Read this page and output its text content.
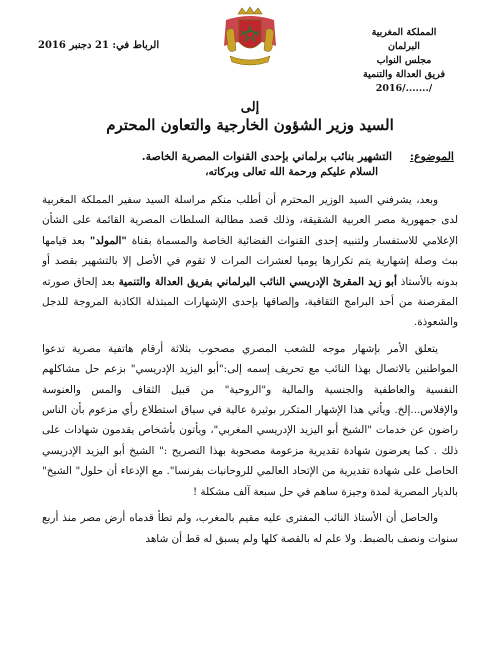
المملكة المغربية
البرلمان
مجلس النواب
فريق العدالة والتنمية
2016/......./
الرباط في: 21 دجنبر 2016
إلى
السيد وزير الشؤون الخارجية والتعاون المحترم
الموضوع: التشهير بنائب برلماني بإحدى القنوات المصرية الخاصة.
السلام عليكم ورحمة الله تعالى وبركاته،

وبعد، يشرفني السيد الوزير المحترم أن أطلب منكم مراسلة السيد سفير المملكة المغربية لدى جمهورية مصر العربية الشقيقة، وذلك قصد مطالبة السلطات المصرية القائمة على الشأن الإعلامي للاستفسار ولتنبيه إحدى القنوات الفضائية الخاصة والمسماة بقناة "المولد" بعد قيامها ببث وصلة إشهارية يتم تكرارها يوميا لعشرات المرات لا تقوم في الأصل إلا بالتشهير بقصد أو بدونه بالأستاذ أبو زيد المقرئ الإدريسي النائب البرلماني بفريق العدالة والتنمية بعد إلحاق صورته المقرصنة من أحد البرامج الثقافية، وإلصاقها بإحدى الإشهارات المبتذلة الكاذبة المروجة للدجل والشعوذة.

يتعلق الأمر بإشهار موجه للشعب المصري مصحوب بثلاثة أرقام هاتفية مصرية تدعوا المواطنين بالاتصال بهذا النائب مع تحريف إسمه إلى:"أبو اليزيد الإدريسي" بزعم حل مشاكلهم النفسية والعاطفية والجنسية والمالية و"الروحية" من قبيل الثقاف والمس والعنوسة والإفلاس...إلخ. ويأتي هذا الإشهار المتكرر بوثيرة عالية في سياق استطلاع رأي مزعوم بأن الناس راضون عن خدمات "الشيخ أبو اليزيد الإدريسي المغربي"، ويأتون بأشخاص يقدمون شهادات على ذلك . كما يعرضون شهادة تقديرية مزعومة مصحوبة بهذا التصريح :" الشيخ أبو اليزيد الإدريسي الحاصل على شهادة تقديرية من الإتحاد العالمي للروحانيات بفرنسا". مع الإدعاء أن حلول" الشيخ" بالديار المصرية لمدة وجيزة ساهم في حل سبعة آلف مشكلة !

والحاصل أن الأستاذ النائب المفترى عليه مقيم بالمغرب، ولم تطأ قدماه أرض مصر منذ أربع سنوات ونصف بالضبط. ولا علم له بالقصة كلها ولم يسبق له قط أن شاهد
